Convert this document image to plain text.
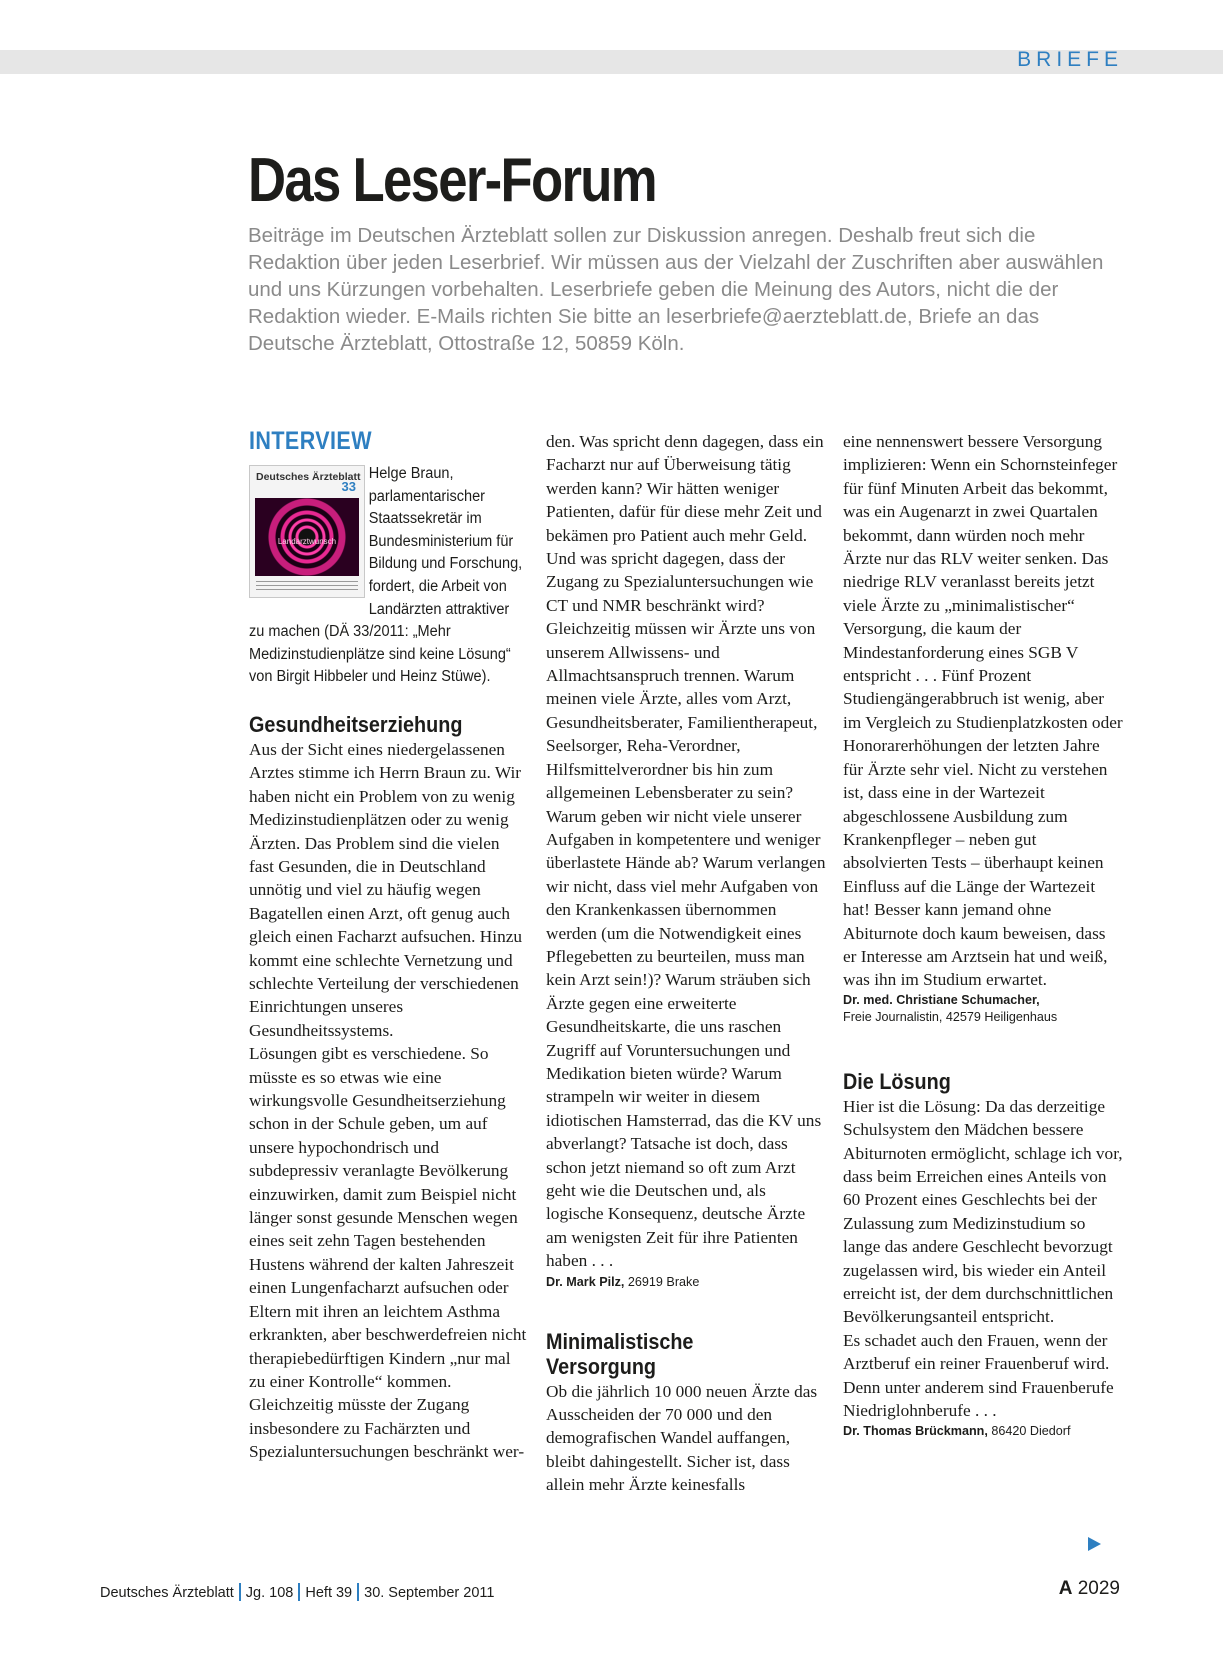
BRIEFE
Das Leser-Forum

Beiträge im Deutschen Ärzteblatt sollen zur Diskussion anregen. Deshalb freut sich die Redaktion über jeden Leserbrief. Wir müssen aus der Vielzahl der Zuschriften aber auswählen und uns Kürzungen vorbehalten. Leserbriefe geben die Meinung des Autors, nicht die der Redaktion wieder. E-Mails richten Sie bitte an leserbriefe@aerzteblatt.de, Briefe an das Deutsche Ärzteblatt, Ottostraße 12, 50859 Köln.

INTERVIEW
Deutsches Ärzteblatt
33
Landarztwunsch

Helge Braun, parlamentarischer Staatssekretär im Bundesministerium für Bildung und Forschung, fordert, die Arbeit von Landärzten attraktiver zu machen (DÄ 33/2011: „Mehr Medizinstudienplätze sind keine Lösung“ von Birgit Hibbeler und Heinz Stüwe).

Gesundheitserziehung

Aus der Sicht eines niedergelassenen Arztes stimme ich Herrn Braun zu. Wir haben nicht ein Problem von zu wenig Medizinstudienplätzen oder zu wenig Ärzten. Das Problem sind die vielen fast Gesunden, die in Deutschland unnötig und viel zu häufig wegen Bagatellen einen Arzt, oft genug auch gleich einen Facharzt aufsuchen. Hinzu kommt eine schlechte Vernetzung und schlechte Verteilung der verschiedenen Einrichtungen unseres Gesundheitssystems.

Lösungen gibt es verschiedene. So müsste es so etwas wie eine wirkungsvolle Gesundheitserziehung schon in der Schule geben, um auf unsere hypochondrisch und subdepressiv veranlagte Bevölkerung einzuwirken, damit zum Beispiel nicht länger sonst gesunde Menschen wegen eines seit zehn Tagen bestehenden Hustens während der kalten Jahreszeit einen Lungenfacharzt aufsuchen oder Eltern mit ihren an leichtem Asthma erkrankten, aber beschwerdefreien nicht therapiebedürftigen Kindern „nur mal zu einer Kontrolle“ kommen.

Gleichzeitig müsste der Zugang insbesondere zu Fachärzten und Spezialuntersuchungen beschränkt wer-

den. Was spricht denn dagegen, dass ein Facharzt nur auf Überweisung tätig werden kann? Wir hätten weniger Patienten, dafür für diese mehr Zeit und bekämen pro Patient auch mehr Geld. Und was spricht dagegen, dass der Zugang zu Spezialuntersuchungen wie CT und NMR beschränkt wird?

Gleichzeitig müssen wir Ärzte uns von unserem Allwissens- und Allmachtsanspruch trennen. Warum meinen viele Ärzte, alles vom Arzt, Gesundheitsberater, Familientherapeut, Seelsorger, Reha-Verordner, Hilfsmittelverordner bis hin zum allgemeinen Lebensberater zu sein? Warum geben wir nicht viele unserer Aufgaben in kompetentere und weniger überlastete Hände ab? Warum verlangen wir nicht, dass viel mehr Aufgaben von den Krankenkassen übernommen werden (um die Notwendigkeit eines Pflegebetten zu beurteilen, muss man kein Arzt sein!)? Warum sträuben sich Ärzte gegen eine erweiterte Gesundheitskarte, die uns raschen Zugriff auf Voruntersuchungen und Medikation bieten würde? Warum strampeln wir weiter in diesem idiotischen Hamsterrad, das die KV uns abverlangt? Tatsache ist doch, dass schon jetzt niemand so oft zum Arzt geht wie die Deutschen und, als logische Konsequenz, deutsche Ärzte am wenigsten Zeit für ihre Patienten haben . . .

Dr. Mark Pilz, 26919 Brake

Minimalistische
Versorgung

Ob die jährlich 10 000 neuen Ärzte das Ausscheiden der 70 000 und den demografischen Wandel auffangen, bleibt dahingestellt. Sicher ist, dass allein mehr Ärzte keinesfalls

eine nennenswert bessere Versorgung implizieren: Wenn ein Schornsteinfeger für fünf Minuten Arbeit das bekommt, was ein Augenarzt in zwei Quartalen bekommt, dann würden noch mehr Ärzte nur das RLV weiter senken. Das niedrige RLV veranlasst bereits jetzt viele Ärzte zu „minimalistischer“ Versorgung, die kaum der Mindestanforderung eines SGB V entspricht . . . Fünf Prozent Studiengängerabbruch ist wenig, aber im Vergleich zu Studienplatzkosten oder Honorarerhöhungen der letzten Jahre für Ärzte sehr viel. Nicht zu verstehen ist, dass eine in der Wartezeit abgeschlossene Ausbildung zum Krankenpfleger – neben gut absolvierten Tests – überhaupt keinen Einfluss auf die Länge der Wartezeit hat! Besser kann jemand ohne Abiturnote doch kaum beweisen, dass er Interesse am Arztsein hat und weiß, was ihn im Studium erwartet.

Dr. med. Christiane Schumacher,
Freie Journalistin, 42579 Heiligenhaus

Die Lösung

Hier ist die Lösung: Da das derzeitige Schulsystem den Mädchen bessere Abiturnoten ermöglicht, schlage ich vor, dass beim Erreichen eines Anteils von 60 Prozent eines Geschlechts bei der Zulassung zum Medizinstudium so lange das andere Geschlecht bevorzugt zugelassen wird, bis wieder ein Anteil erreicht ist, der dem durchschnittlichen Bevölkerungsanteil entspricht.

Es schadet auch den Frauen, wenn der Arztberuf ein reiner Frauenberuf wird.

Denn unter anderem sind Frauenberufe Niedriglohnberufe . . .

Dr. Thomas Brückmann, 86420 Diedorf

Deutsches Ärzteblatt Jg. 108 Heft 39 30. September 2011	A 2029
